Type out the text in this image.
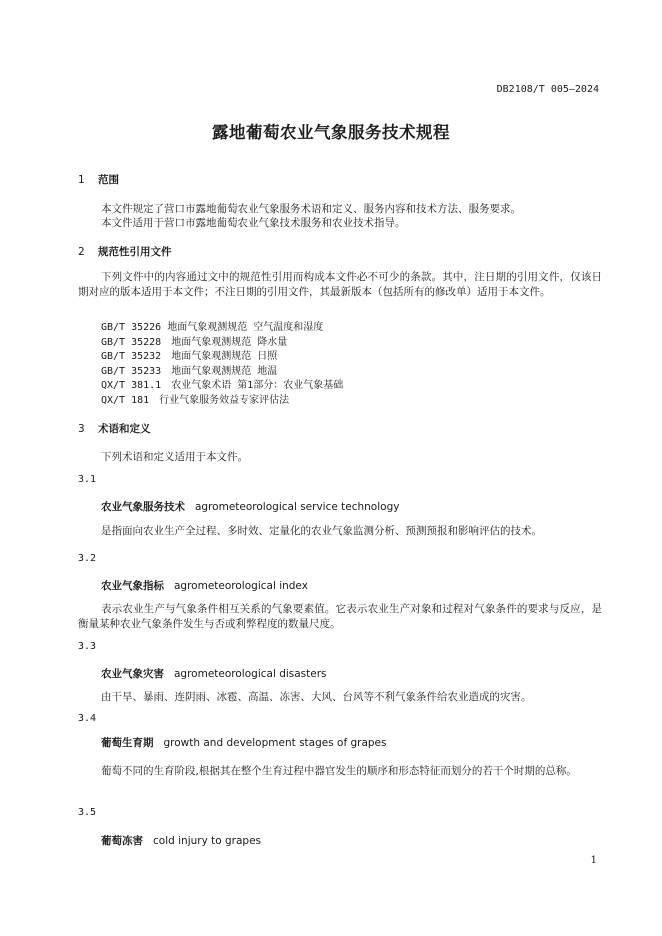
DB2108/T 005—2024
露地葡萄农业气象服务技术规程
1 范围
本文件规定了营口市露地葡萄农业气象服务术语和定义、服务内容和技术方法、服务要求。
本文件适用于营口市露地葡萄农业气象技术服务和农业技术指导。
2 规范性引用文件
下列文件中的内容通过文中的规范性引用而构成本文件必不可少的条款。其中，注日期的引用文件，仅该日期对应的版本适用于本文件；不注日期的引用文件，其最新版本（包括所有的修改单）适用于本文件。
GB/T 35226 地面气象观测规范 空气温度和湿度
GB/T 35228　地面气象观测规范 降水量
GB/T 35232　地面气象观测规范 日照
GB/T 35233　地面气象观测规范 地温
QX/T 381.1　农业气象术语 第1部分：农业气象基础
QX/T 181　行业气象服务效益专家评估法
3 术语和定义
下列术语和定义适用于本文件。
3.1
农业气象服务技术 agrometeorological service technology
是指面向农业生产全过程、多时效、定量化的农业气象监测分析、预测预报和影响评估的技术。
3.2
农业气象指标 agrometeorological index
表示农业生产与气象条件相互关系的气象要素值。它表示农业生产对象和过程对气象条件的要求与反应，是衡量某种农业气象条件发生与否或利弊程度的数量尺度。
3.3
农业气象灾害 agrometeorological disasters
由干旱、暴雨、连阴雨、冰雹、高温、冻害、大风、台风等不利气象条件给农业造成的灾害。
3.4
葡萄生育期 growth and development stages of grapes
葡萄不同的生育阶段,根据其在整个生育过程中器官发生的顺序和形态特征而划分的若干个时期的总称。
3.5
葡萄冻害 cold injury to grapes
1
